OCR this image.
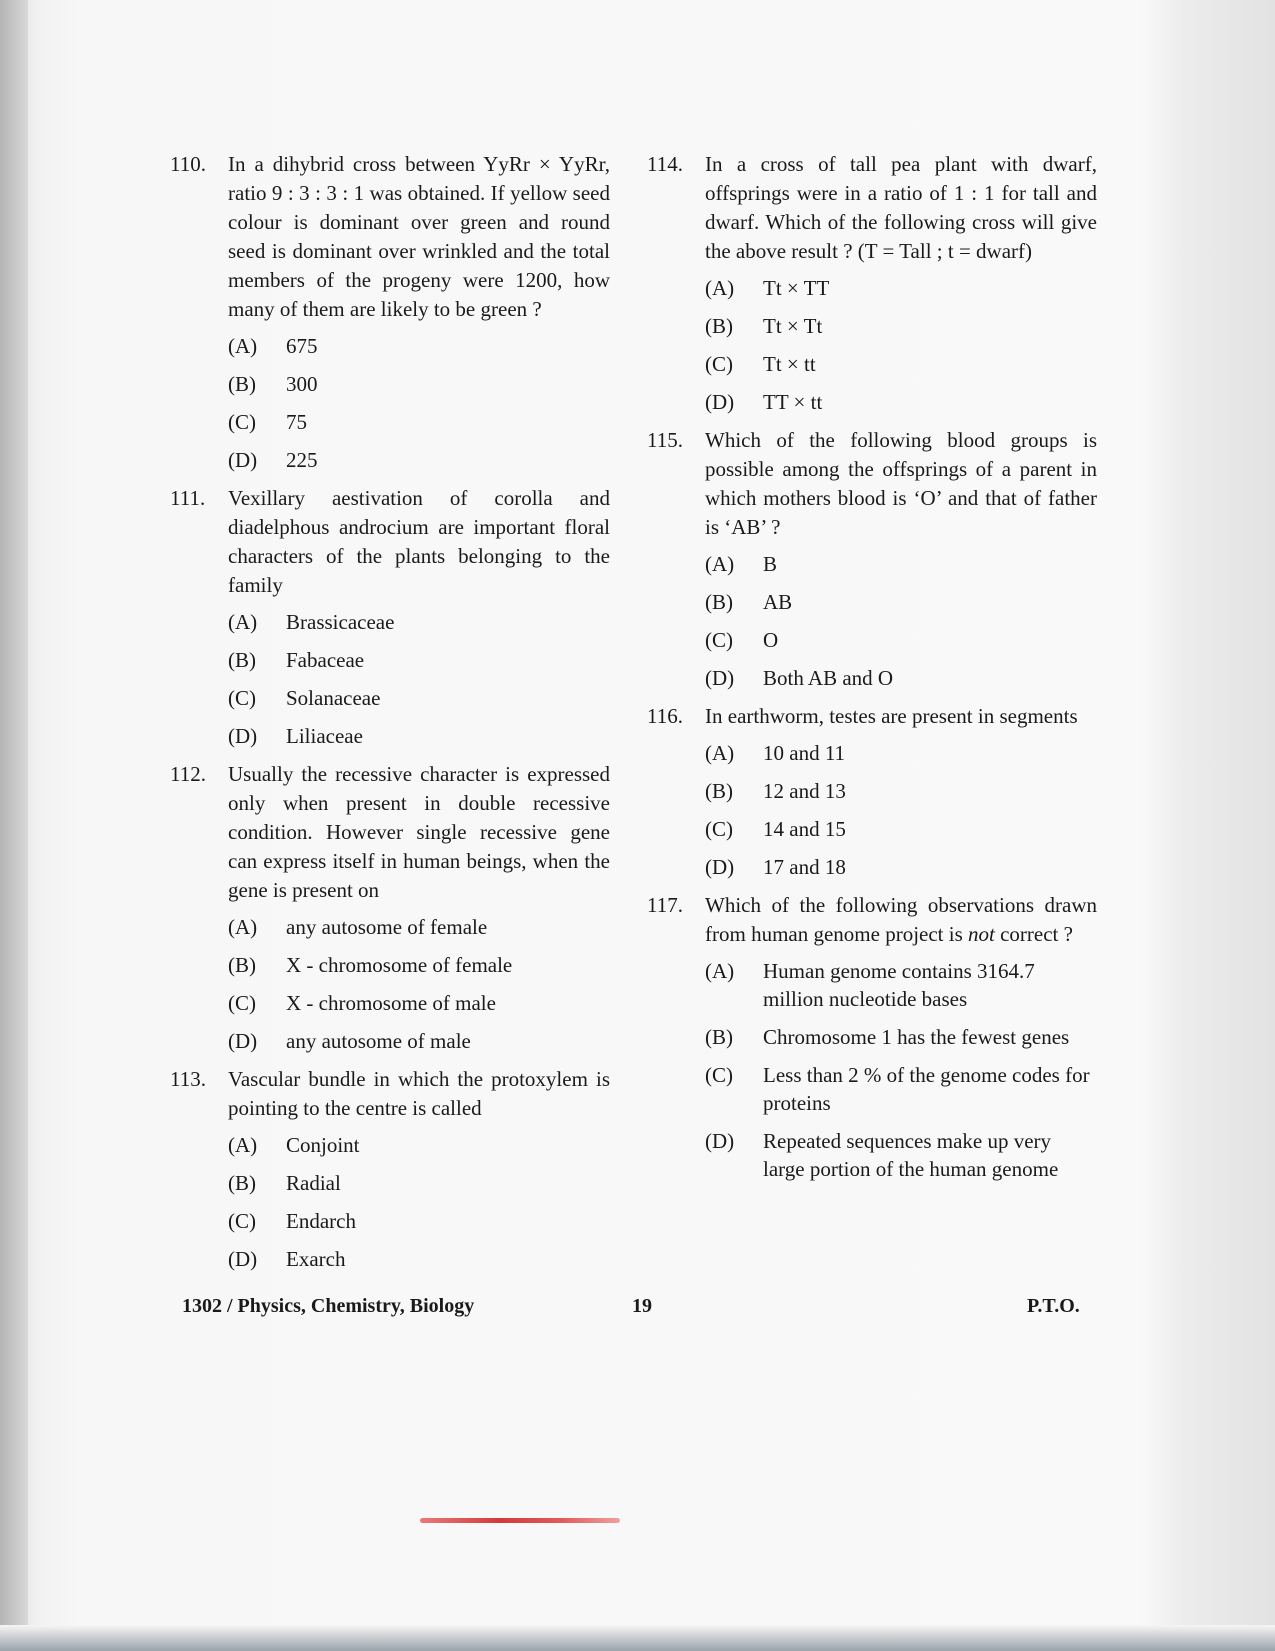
110. In a dihybrid cross between YyRr × YyRr, ratio 9 : 3 : 3 : 1 was obtained. If yellow seed colour is dominant over green and round seed is dominant over wrinkled and the total members of the progeny were 1200, how many of them are likely to be green ?
(A) 675
(B) 300
(C) 75
(D) 225
111. Vexillary aestivation of corolla and diadelphous androcium are important floral characters of the plants belonging to the family
(A) Brassicaceae
(B) Fabaceae
(C) Solanaceae
(D) Liliaceae
112. Usually the recessive character is expressed only when present in double recessive condition. However single recessive gene can express itself in human beings, when the gene is present on
(A) any autosome of female
(B) X - chromosome of female
(C) X - chromosome of male
(D) any autosome of male
113. Vascular bundle in which the protoxylem is pointing to the centre is called
(A) Conjoint
(B) Radial
(C) Endarch
(D) Exarch
114. In a cross of tall pea plant with dwarf, offsprings were in a ratio of 1 : 1 for tall and dwarf. Which of the following cross will give the above result ? (T = Tall ; t = dwarf)
(A) Tt × TT
(B) Tt × Tt
(C) Tt × tt
(D) TT × tt
115. Which of the following blood groups is possible among the offsprings of a parent in which mothers blood is ‘O’ and that of father is ‘AB’ ?
(A) B
(B) AB
(C) O
(D) Both AB and O
116. In earthworm, testes are present in segments
(A) 10 and 11
(B) 12 and 13
(C) 14 and 15
(D) 17 and 18
117. Which of the following observations drawn from human genome project is not correct ?
(A) Human genome contains 3164.7 million nucleotide bases
(B) Chromosome 1 has the fewest genes
(C) Less than 2 % of the genome codes for proteins
(D) Repeated sequences make up very large portion of the human genome
1302 / Physics, Chemistry, Biology	19	P.T.O.
